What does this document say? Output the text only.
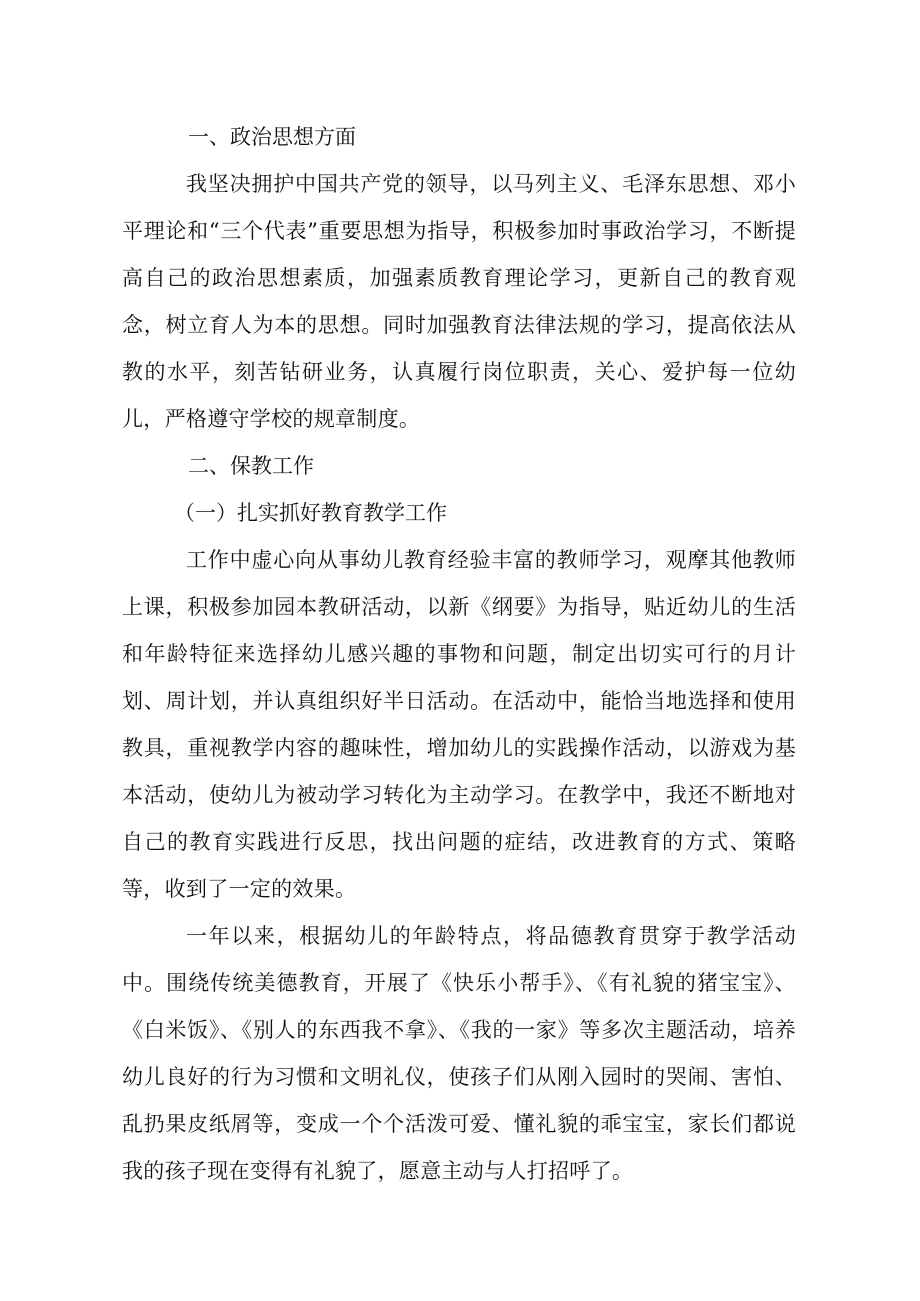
一、政治思想方面

我坚决拥护中国共产党的领导，以马列主义、毛泽东思想、邓小平理论和“三个代表”重要思想为指导，积极参加时事政治学习，不断提高自己的政治思想素质，加强素质教育理论学习，更新自己的教育观念，树立育人为本的思想。同时加强教育法律法规的学习，提高依法从教的水平，刻苦钻研业务，认真履行岗位职责，关心、爱护每一位幼儿，严格遵守学校的规章制度。

二、保教工作
（一）扎实抓好教育教学工作

工作中虚心向从事幼儿教育经验丰富的教师学习，观摩其他教师上课，积极参加园本教研活动，以新《纲要》为指导，贴近幼儿的生活和年龄特征来选择幼儿感兴趣的事物和问题，制定出切实可行的月计划、周计划，并认真组织好半日活动。在活动中，能恰当地选择和使用教具，重视教学内容的趣味性，增加幼儿的实践操作活动，以游戏为基本活动，使幼儿为被动学习转化为主动学习。在教学中，我还不断地对自己的教育实践进行反思，找出问题的症结，改进教育的方式、策略等，收到了一定的效果。

一年以来，根据幼儿的年龄特点，将品德教育贯穿于教学活动中。围绕传统美德教育，开展了《快乐小帮手》、《有礼貌的猪宝宝》、《白米饭》、《别人的东西我不拿》、《我的一家》等多次主题活动，培养幼儿良好的行为习惯和文明礼仪，使孩子们从刚入园时的哭闹、害怕、乱扔果皮纸屑等，变成一个个活泼可爱、懂礼貌的乖宝宝，家长们都说我的孩子现在变得有礼貌了，愿意主动与人打招呼了。
